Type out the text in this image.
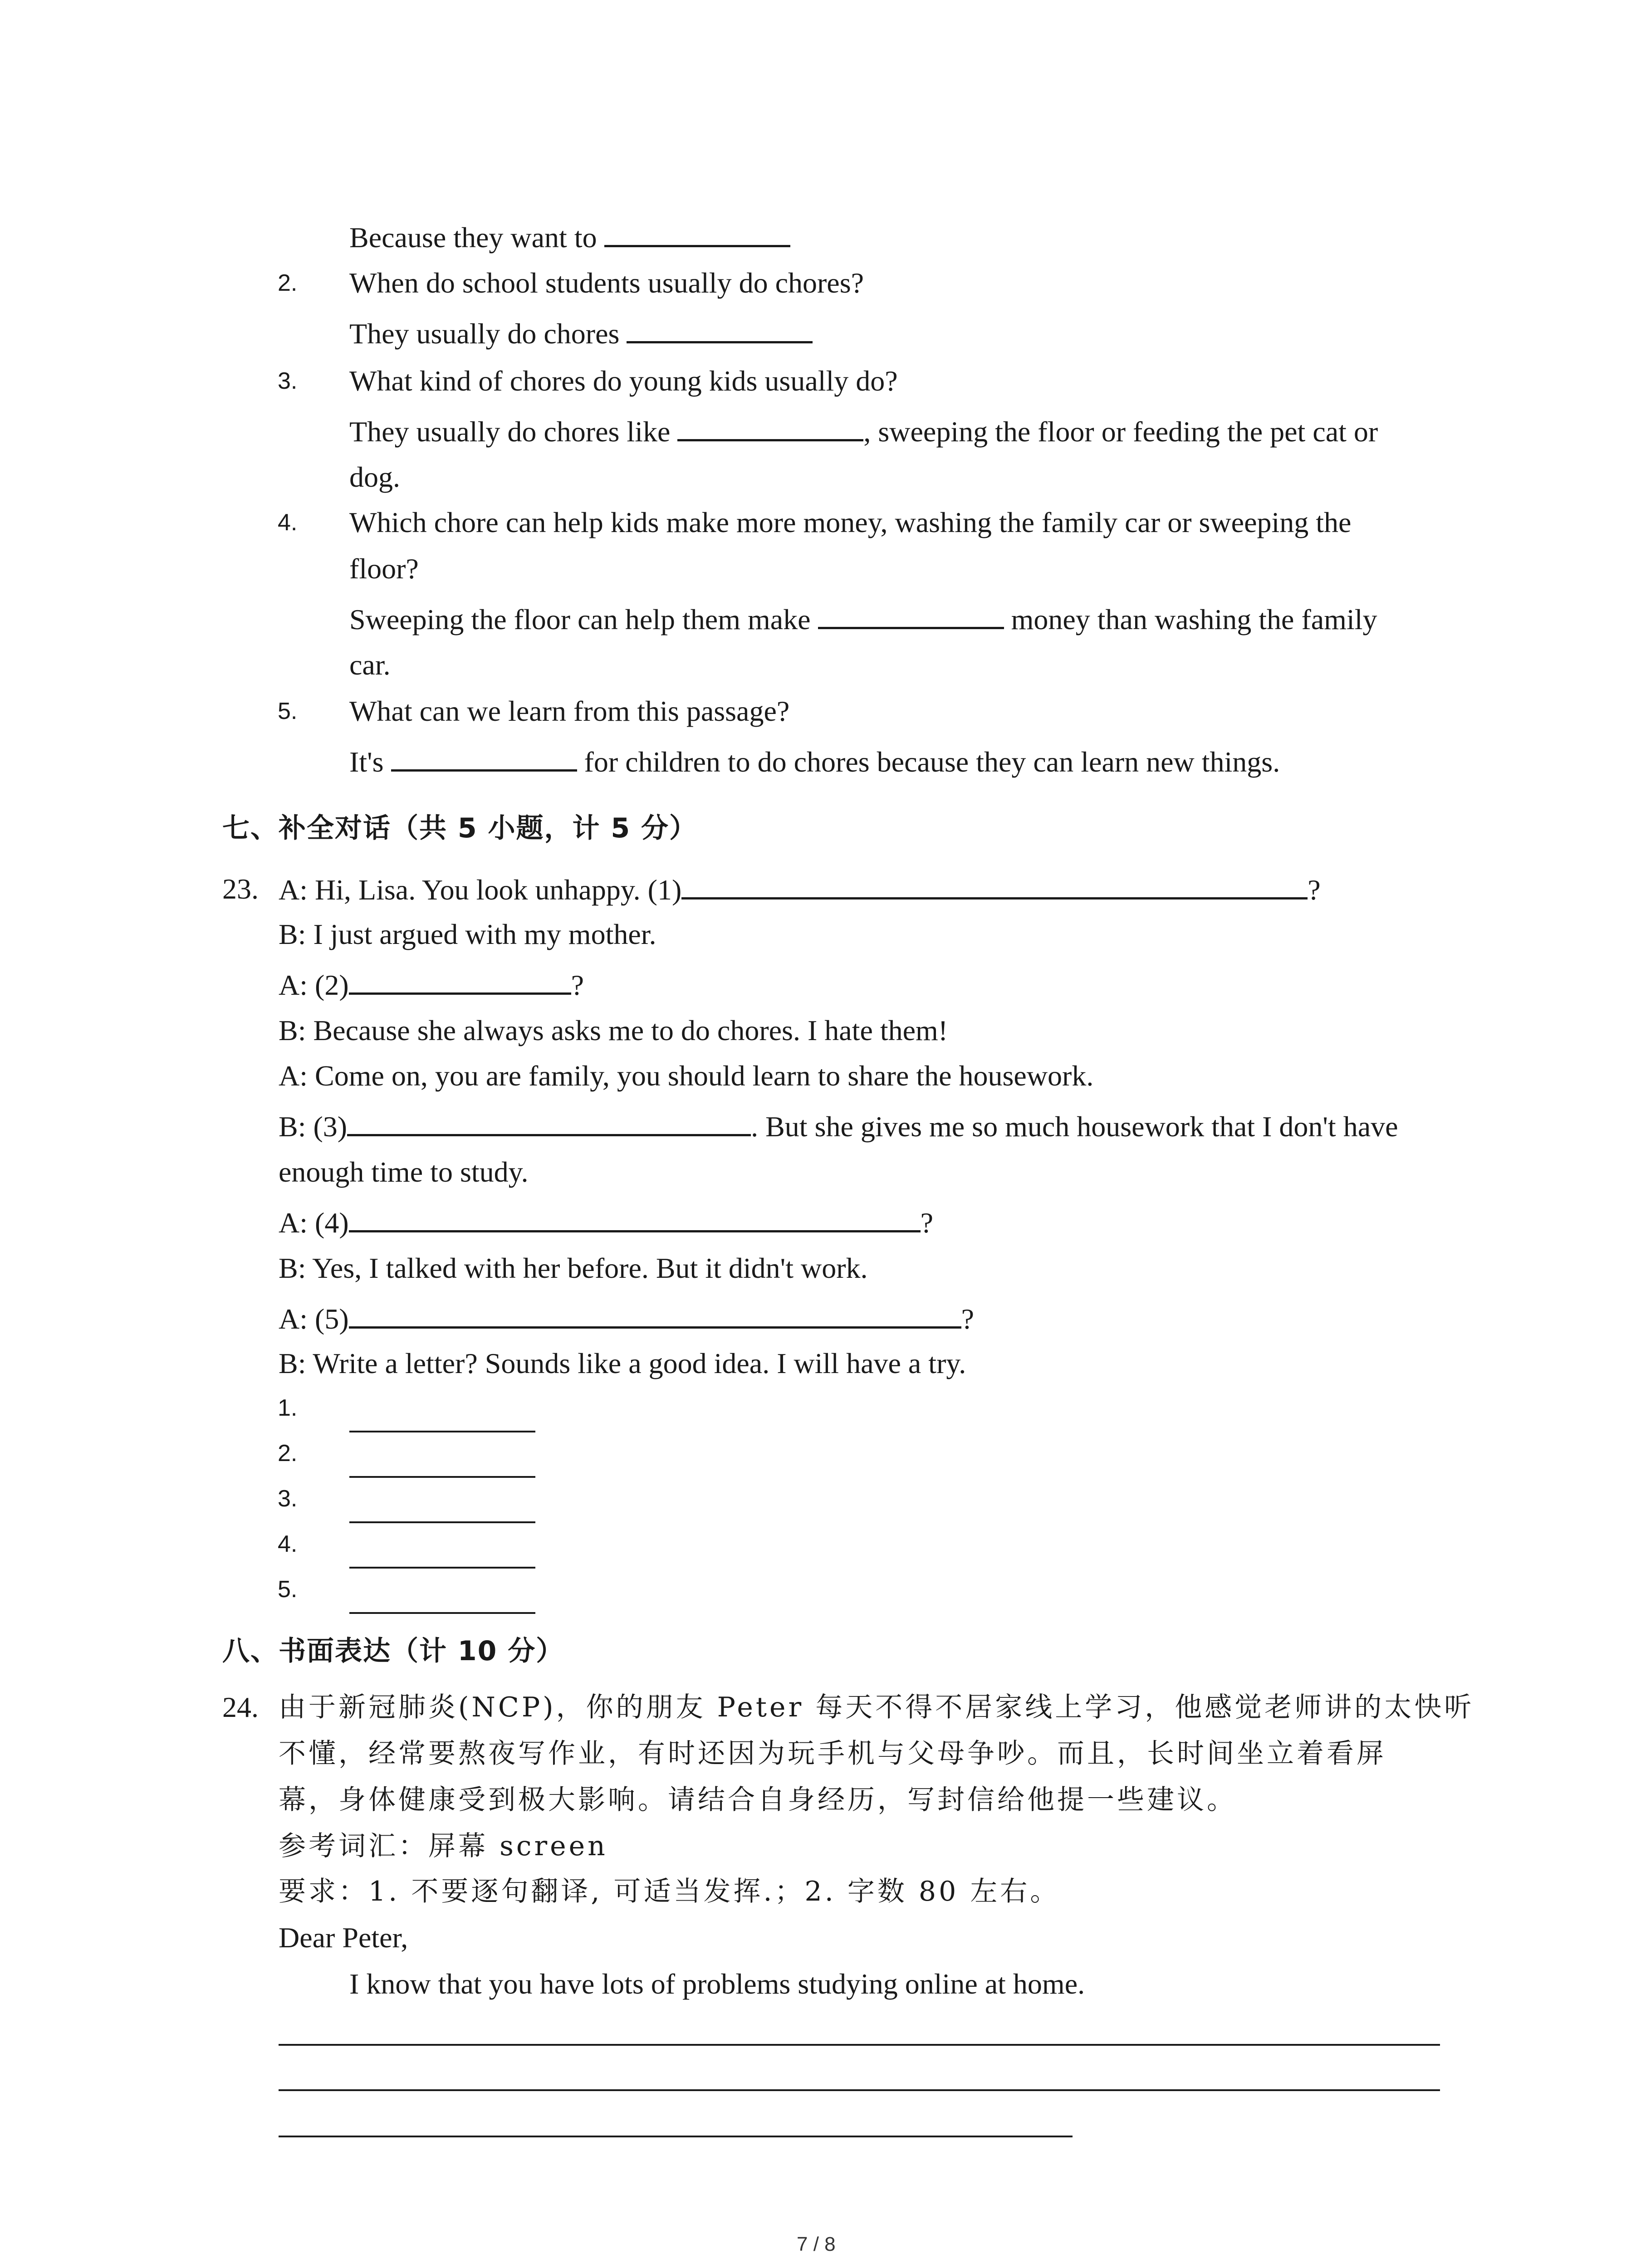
Because they want to
2. When do school students usually do chores?
They usually do chores
3. What kind of chores do young kids usually do?
They usually do chores like	, sweeping the floor or feeding the pet cat or
dog.
4. Which chore can help kids make more money, washing the family car or sweeping the
floor?
Sweeping the floor can help them make	money than washing the family
car.
5. What can we learn from this passage?
It's	for children to do chores because they can learn new things.
七、补全对话（共 5 小题，计 5 分）
23. A: Hi, Lisa. You look unhappy. (1)	?
B: I just argued with my mother.
A: (2)	?
B: Because she always asks me to do chores. I hate them!
A: Come on, you are family, you should learn to share the housework.
B: (3)	. But she gives me so much housework that I don't have
enough time to study.
A: (4)	?
B: Yes, I talked with her before. But it didn't work.
A: (5)	?
B: Write a letter? Sounds like a good idea. I will have a try.
1.
2.
3.
4.
5.
八、书面表达（计 10 分）
24. 由于新冠肺炎(NCP)，你的朋友 Peter 每天不得不居家线上学习，他感觉老师讲的太快听
不懂，经常要熬夜写作业，有时还因为玩手机与父母争吵。而且，长时间坐立着看屏
幕，身体健康受到极大影响。请结合自身经历，写封信给他提一些建议。
参考词汇：屏幕 screen
要求：1. 不要逐句翻译, 可适当发挥.；2. 字数 80 左右。
Dear Peter,
I know that you have lots of problems studying online at home.
7 / 8
